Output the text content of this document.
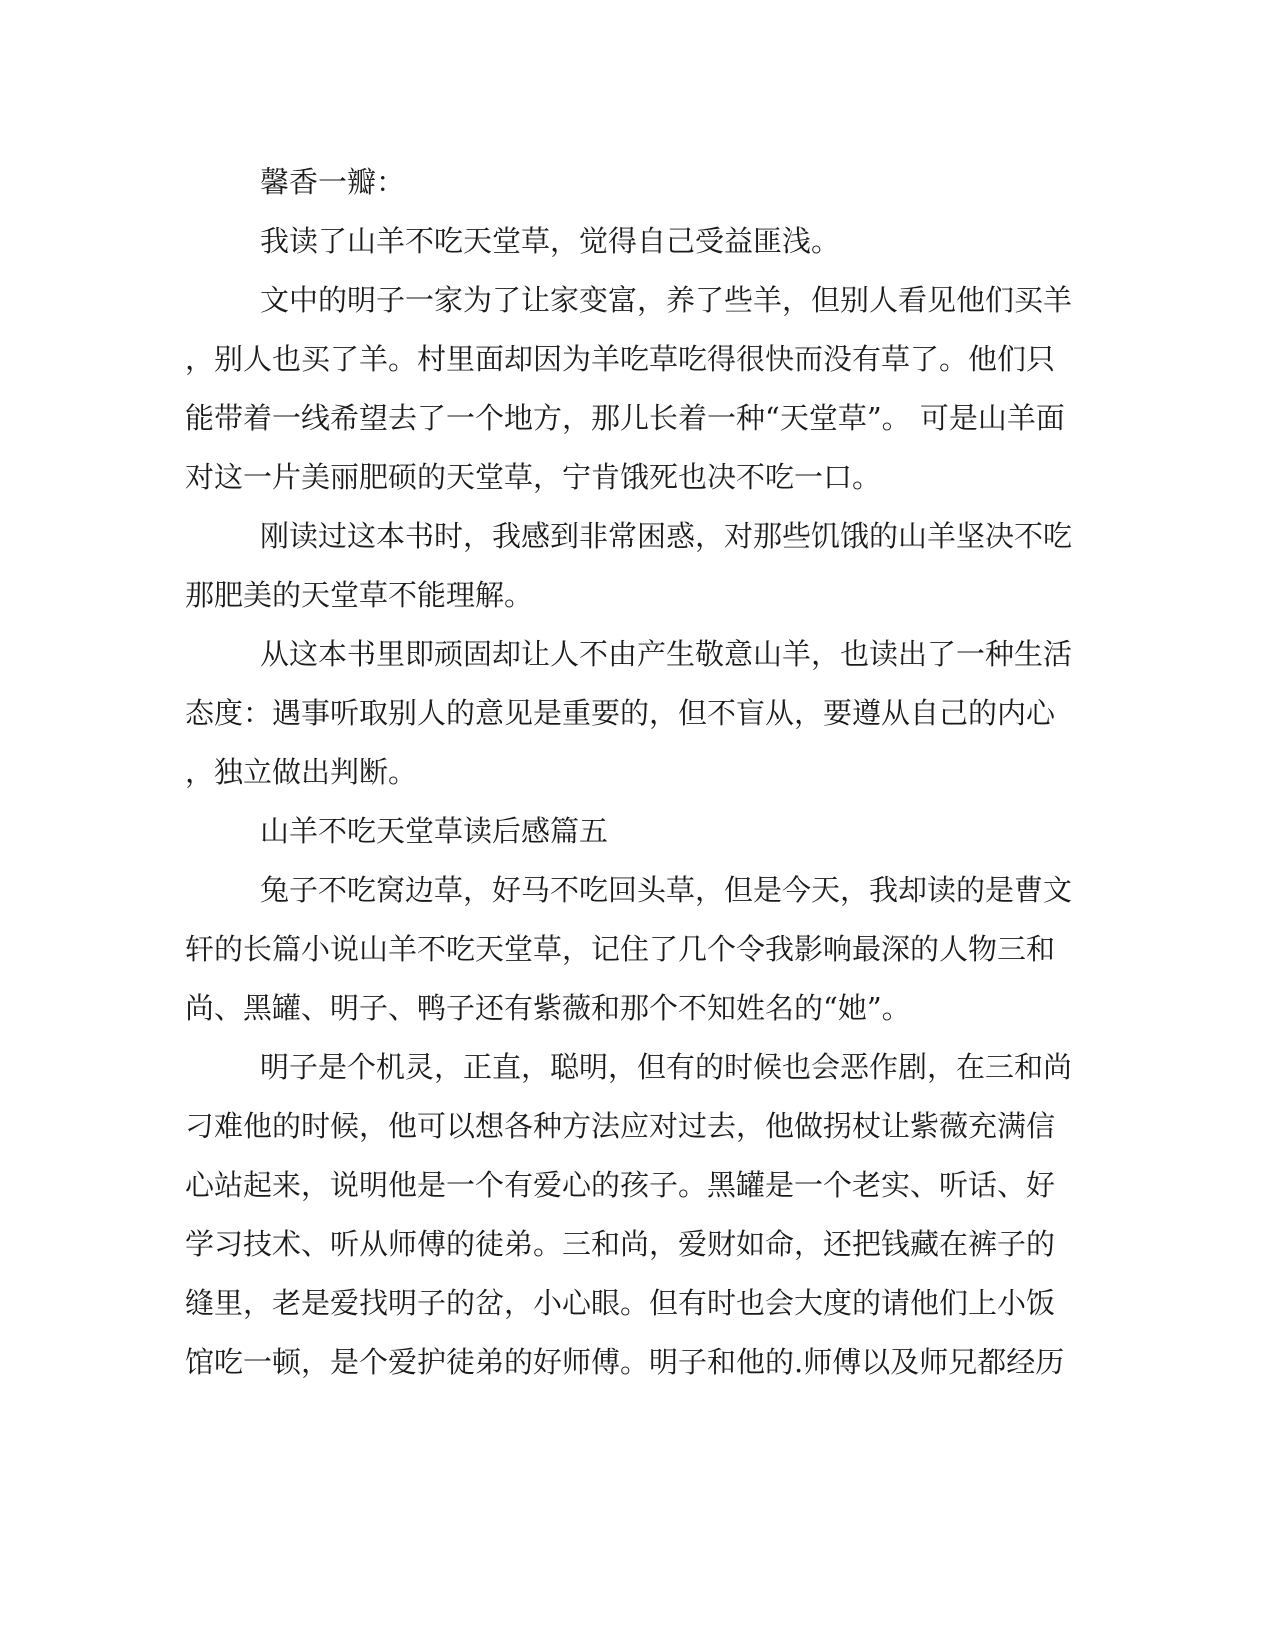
馨香一瓣：
我读了山羊不吃天堂草，觉得自己受益匪浅。
文中的明子一家为了让家变富，养了些羊，但别人看见他们买羊
，别人也买了羊。村里面却因为羊吃草吃得很快而没有草了。他们只
能带着一线希望去了一个地方，那儿长着一种“天堂草”。 可是山羊面
对这一片美丽肥硕的天堂草，宁肯饿死也决不吃一口。
刚读过这本书时，我感到非常困惑，对那些饥饿的山羊坚决不吃
那肥美的天堂草不能理解。
从这本书里即顽固却让人不由产生敬意山羊，也读出了一种生活
态度：遇事听取别人的意见是重要的，但不盲从，要遵从自己的内心
，独立做出判断。
山羊不吃天堂草读后感篇五
兔子不吃窝边草，好马不吃回头草，但是今天，我却读的是曹文
轩的长篇小说山羊不吃天堂草，记住了几个令我影响最深的人物三和
尚、黑罐、明子、鸭子还有紫薇和那个不知姓名的“她”。
明子是个机灵，正直，聪明，但有的时候也会恶作剧，在三和尚
刁难他的时候，他可以想各种方法应对过去，他做拐杖让紫薇充满信
心站起来，说明他是一个有爱心的孩子。黑罐是一个老实、听话、好
学习技术、听从师傅的徒弟。三和尚，爱财如命，还把钱藏在裤子的
缝里，老是爱找明子的岔，小心眼。但有时也会大度的请他们上小饭
馆吃一顿，是个爱护徒弟的好师傅。明子和他的.师傅以及师兄都经历
